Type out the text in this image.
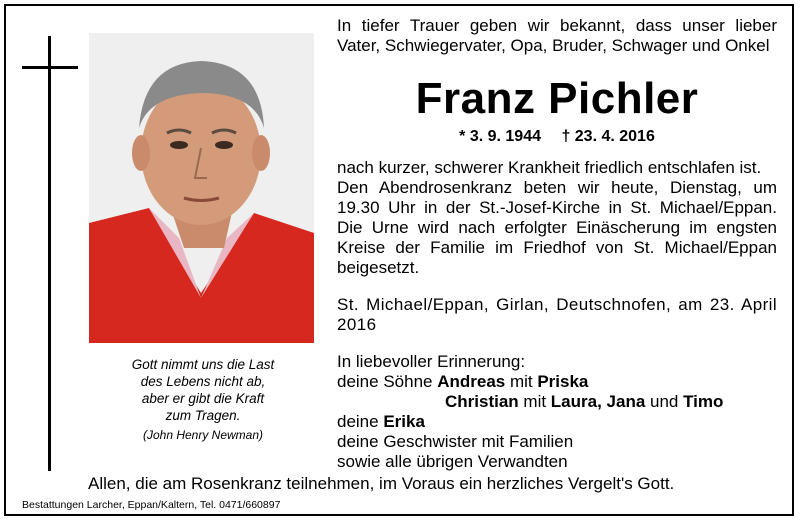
Gott nimmt uns die Last
des Lebens nicht ab,
aber er gibt die Kraft
zum Tragen.
(John Henry Newman)
In tiefer Trauer geben wir bekannt, dass unser lieber Vater, Schwiegervater, Opa, Bruder, Schwager und Onkel
Franz Pichler
* 3. 9. 1944 † 23. 4. 2016

nach kurzer, schwerer Krankheit friedlich entschlafen ist.

Den Abendrosenkranz beten wir heute, Dienstag, um 19.30 Uhr in der St.-Josef-Kirche in St. Michael/Eppan. Die Urne wird nach erfolgter Einäscherung im engsten Kreise der Familie im Friedhof von St. Michael/Eppan beigesetzt.

St. Michael/Eppan, Girlan, Deutschnofen, am 23. April 2016
In liebevoller Erinnerung:
deine Söhne Andreas mit Priska
Christian mit Laura, Jana und Timo
deine Erika
deine Geschwister mit Familien
sowie alle übrigen Verwandten
Allen, die am Rosenkranz teilnehmen, im Voraus ein herzliches Vergelt's Gott.
Bestattungen Larcher, Eppan/Kaltern, Tel. 0471/660897
